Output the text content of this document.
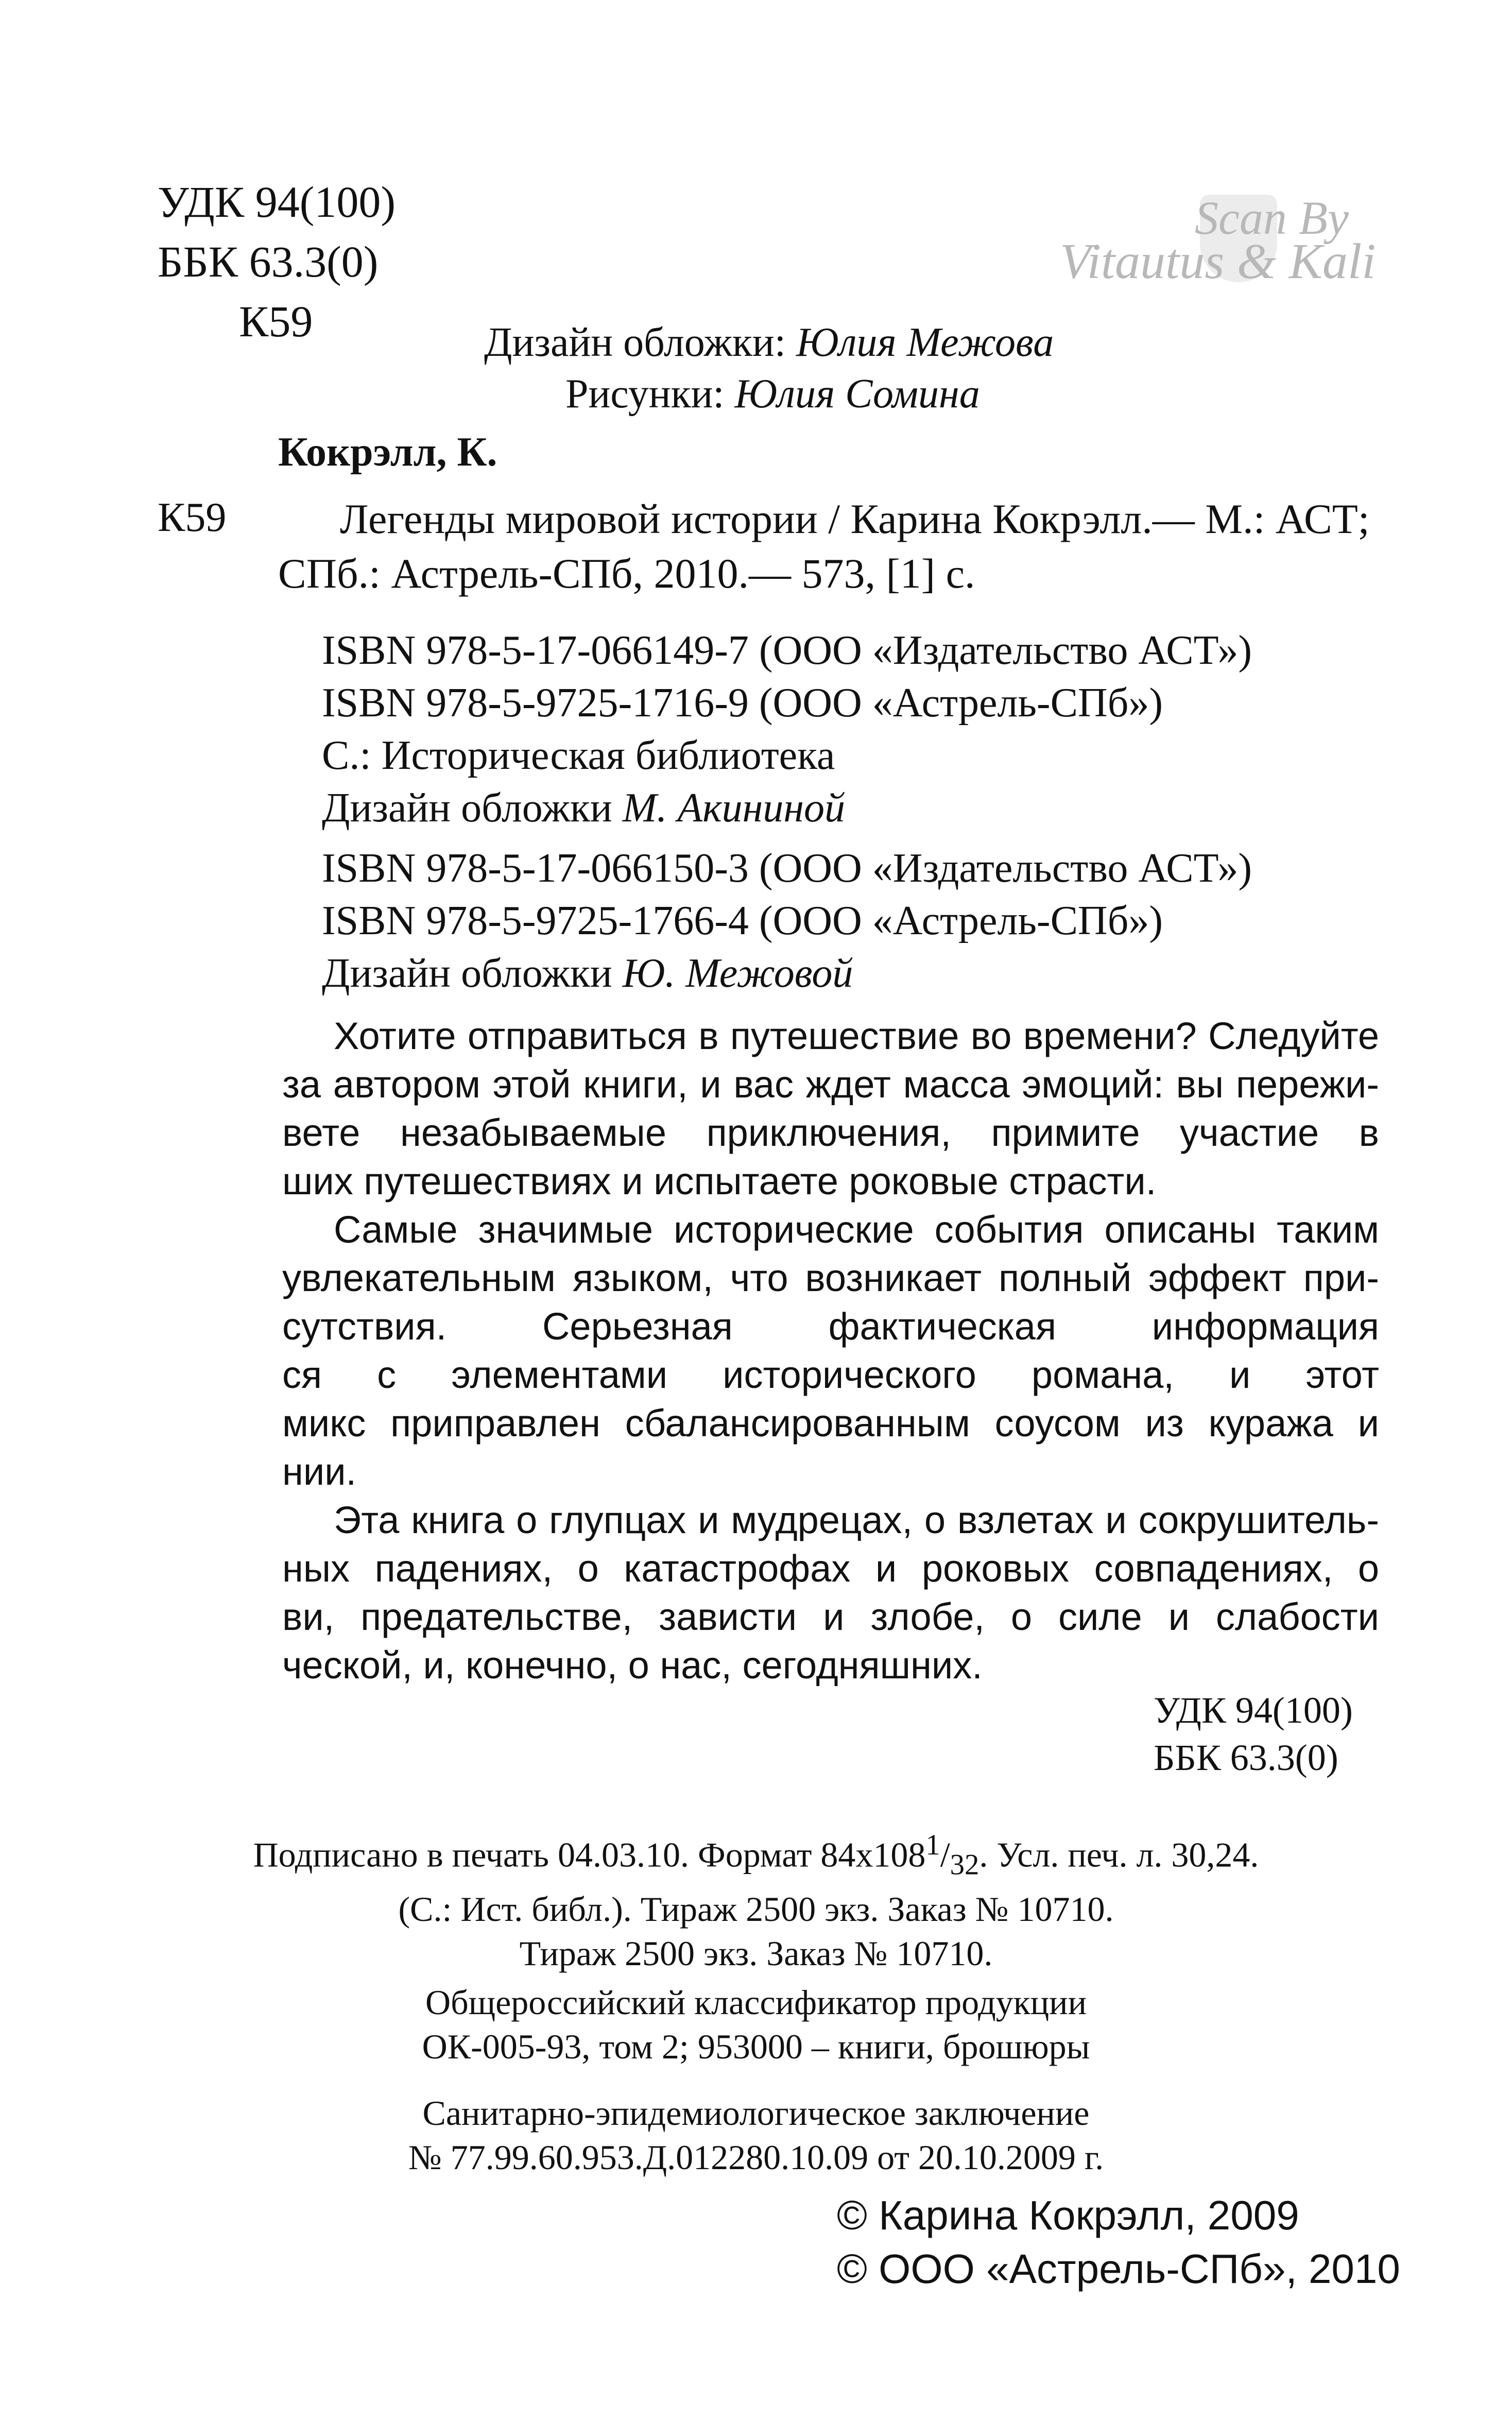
УДК 94(100)
ББК 63.3(0)
К59
Scan By
Vitautus & Kali
Дизайн обложки: Юлия Межова
Рисунки: Юлия Сомина
Кокрэлл, К.
К59	Легенды мировой истории / Карина Кокрэлл.— М.: АСТ;
СПб.: Астрель-СПб, 2010.— 573, [1] с.
ISBN 978-5-17-066149-7 (ООО «Издательство АСТ»)
ISBN 978-5-9725-1716-9 (ООО «Астрель-СПб»)
С.: Историческая библиотека
Дизайн обложки М. Акининой
ISBN 978-5-17-066150-3 (ООО «Издательство АСТ»)
ISBN 978-5-9725-1766-4 (ООО «Астрель-СПб»)
Дизайн обложки Ю. Межовой
Хотите отправиться в путешествие во времени? Следуйте
за автором этой книги, и вас ждет масса эмоций: вы пережи-
вете незабываемые приключения, примите участие в
ших путешествиях и испытаете роковые страсти.
Самые значимые исторические события описаны таким
увлекательным языком, что возникает полный эффект при-
сутствия. Серьезная фактическая информация
ся с элементами исторического романа, и этот
микс приправлен сбалансированным соусом из куража и
нии.
Эта книга о глупцах и мудрецах, о взлетах и сокрушитель-
ных падениях, о катастрофах и роковых совпадениях, о
ви, предательстве, зависти и злобе, о силе и слабости
ческой, и, конечно, о нас, сегодняшних.
УДК 94(100)
ББК 63.3(0)
Подписано в печать 04.03.10. Формат $84х108^1/_{32}$. Усл. печ. л. 30,24.
(С.: Ист. библ.). Тираж 2500 экз. Заказ № 10710.
Тираж 2500 экз. Заказ № 10710.
Общероссийский классификатор продукции
ОК-005-93, том 2; 953000 – книги, брошюры
Санитарно-эпидемиологическое заключение
№ 77.99.60.953.Д.012280.10.09 от 20.10.2009 г.
© Карина Кокрэлл, 2009
© ООО «Астрель-СПб», 2010
